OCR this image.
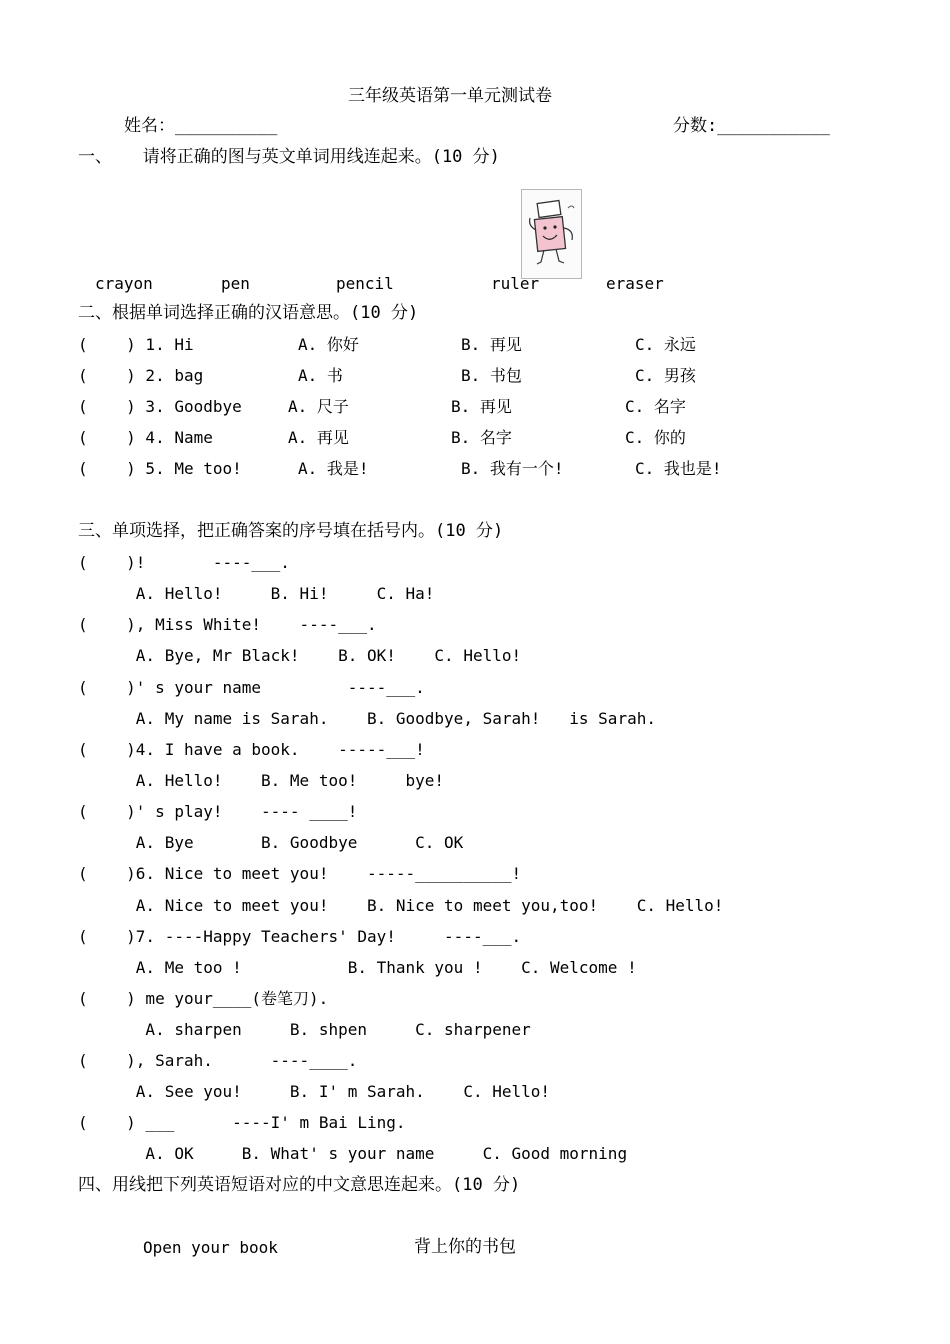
三年级英语第一单元测试卷
姓名：__________	分数:___________
一、   请将正确的图与英文单词用线连起来。(10 分)
crayon	pen	pencil	ruler	eraser
二、根据单词选择正确的汉语意思。(10 分)
(    ) 1. Hi	A. 你好	B. 再见	C. 永远
(    ) 2. bag	A. 书	B. 书包	C. 男孩
(    ) 3. Goodbye	A. 尺子	B. 再见	C. 名字
(    ) 4. Name	A. 再见	B. 名字	C. 你的
(    ) 5. Me too!	A. 我是!	B. 我有一个!	C. 我也是!
三、单项选择，把正确答案的序号填在括号内。(10 分)
(    )!       ----___.
A. Hello!     B. Hi!     C. Ha!
(    ), Miss White!    ----___.
A. Bye, Mr Black!    B. OK!    C. Hello!
(    )' s your name         ----___.
A. My name is Sarah.    B. Goodbye, Sarah!   is Sarah.
(    )4. I have a book.    -----___!
A. Hello!    B. Me too!     bye!
(    )' s play!    ---- ____!
A. Bye       B. Goodbye      C. OK
(    )6. Nice to meet you!    -----__________!
A. Nice to meet you!    B. Nice to meet you,too!    C. Hello!
(    )7. ----Happy Teachers' Day!     ----___.
A. Me too !           B. Thank you !    C. Welcome !
(    ) me your____(卷笔刀).
A. sharpen     B. shpen     C. sharpener
(    ), Sarah.      ----____.
A. See you!     B. I' m Sarah.    C. Hello!
(    ) ___      ----I' m Bai Ling.
A. OK     B. What' s your name     C. Good morning
四、用线把下列英语短语对应的中文意思连起来。(10 分)
Open your book	背上你的书包
